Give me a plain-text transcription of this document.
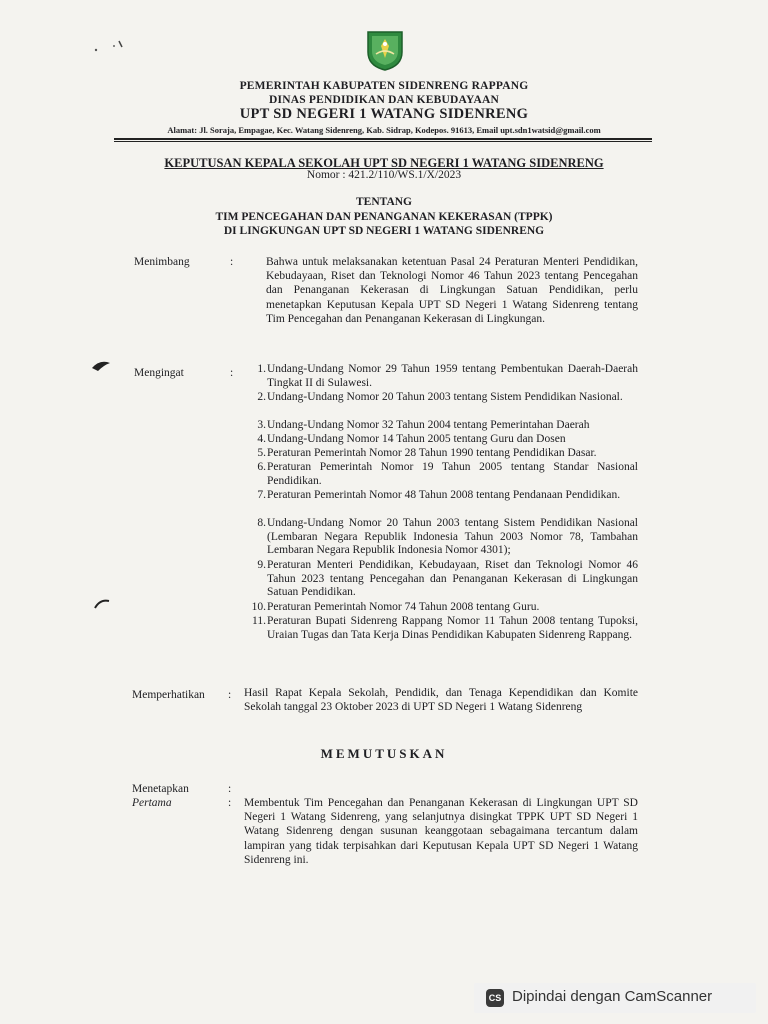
PEMERINTAH KABUPATEN SIDENRENG RAPPANG
DINAS PENDIDIKAN DAN KEBUDAYAAN
UPT SD NEGERI 1 WATANG SIDENRENG
Alamat: Jl. Soraja, Empagae, Kec. Watang Sidenreng, Kab. Sidrap, Kodepos. 91613, Email upt.sdn1watsid@gmail.com
KEPUTUSAN KEPALA SEKOLAH UPT SD NEGERI 1 WATANG SIDENRENG
Nomor : 421.2/110/WS.1/X/2023
TENTANG
TIM PENCEGAHAN DAN PENANGANAN KEKERASAN (TPPK)
DI LINGKUNGAN UPT SD NEGERI 1 WATANG SIDENRENG
Menimbang	:	Bahwa untuk melaksanakan ketentuan Pasal 24 Peraturan Menteri Pendidikan, Kebudayaan, Riset dan Teknologi Nomor 46 Tahun 2023 tentang Pencegahan dan Penanganan Kekerasan di Lingkungan Satuan Pendidikan, perlu menetapkan Keputusan Kepala UPT SD Negeri 1 Watang Sidenreng tentang Tim Pencegahan dan Penanganan Kekerasan di Lingkungan.
Mengingat	:	1. Undang-Undang Nomor 29 Tahun 1959 tentang Pembentukan Daerah-Daerah Tingkat II di Sulawesi.
2. Undang-Undang Nomor 20 Tahun 2003 tentang Sistem Pendidikan Nasional.
3. Undang-Undang Nomor 32 Tahun 2004 tentang Pemerintahan Daerah
4. Undang-Undang Nomor 14 Tahun 2005 tentang Guru dan Dosen
5. Peraturan Pemerintah Nomor 28 Tahun 1990 tentang Pendidikan Dasar.
6. Peraturan Pemerintah Nomor 19 Tahun 2005 tentang Standar Nasional Pendidikan.
7. Peraturan Pemerintah Nomor 48 Tahun 2008 tentang Pendanaan Pendidikan.
8. Undang-Undang Nomor 20 Tahun 2003 tentang Sistem Pendidikan Nasional (Lembaran Negara Republik Indonesia Tahun 2003 Nomor 78, Tambahan Lembaran Negara Republik Indonesia Nomor 4301);
9. Peraturan Menteri Pendidikan, Kebudayaan, Riset dan Teknologi Nomor 46 Tahun 2023 tentang Pencegahan dan Penanganan Kekerasan di Lingkungan Satuan Pendidikan.
10. Peraturan Pemerintah Nomor 74 Tahun 2008 tentang Guru.
11. Peraturan Bupati Sidenreng Rappang Nomor 11 Tahun 2008 tentang Tupoksi, Uraian Tugas dan Tata Kerja Dinas Pendidikan Kabupaten Sidenreng Rappang.
Memperhatikan : Hasil Rapat Kepala Sekolah, Pendidik, dan Tenaga Kependidikan dan Komite Sekolah tanggal 23 Oktober 2023 di UPT SD Negeri 1 Watang Sidenreng
MEMUTUSKAN
Menetapkan	:
Pertama	: Membentuk Tim Pencegahan dan Penanganan Kekerasan di Lingkungan UPT SD Negeri 1 Watang Sidenreng, yang selanjutnya disingkat TPPK UPT SD Negeri 1 Watang Sidenreng dengan susunan keanggotaan sebagaimana tercantum dalam lampiran yang tidak terpisahkan dari Keputusan Kepala UPT SD Negeri 1 Watang Sidenreng ini.
CS Dipindai dengan CamScanner
